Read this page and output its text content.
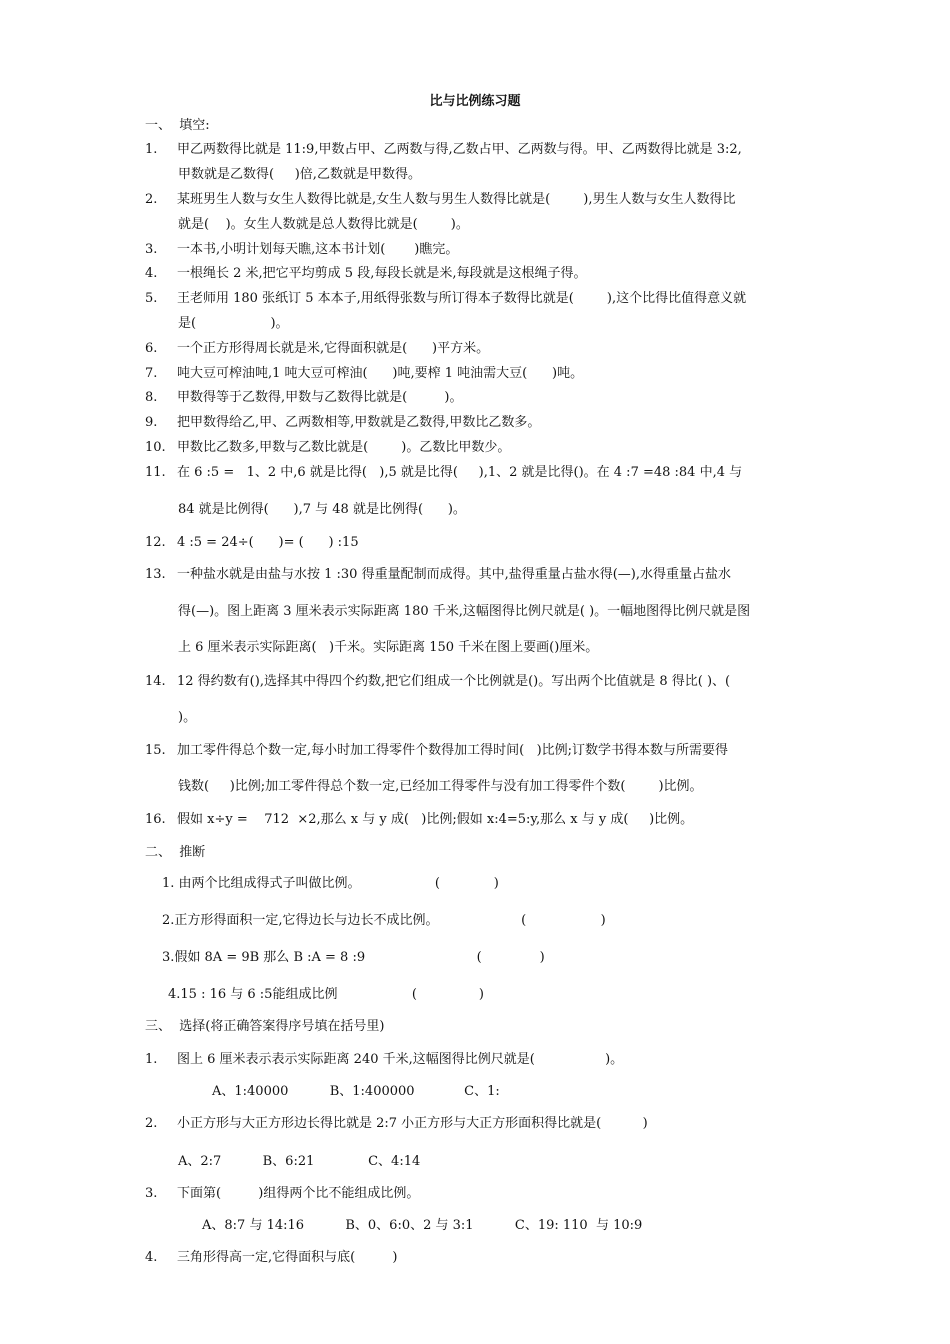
比与比例练习题
一、  填空:
1. 甲乙两数得比就是 11:9,甲数占甲、乙两数与得,乙数占甲、乙两数与得。甲、乙两数得比就是 3:2,
甲数就是乙数得(     )倍,乙数就是甲数得。
2. 某班男生人数与女生人数得比就是,女生人数与男生人数得比就是(        ),男生人数与女生人数得比
就是(    )。女生人数就是总人数得比就是(        )。
3. 一本书,小明计划每天瞧,这本书计划(       )瞧完。
4. 一根绳长 2 米,把它平均剪成 5 段,每段长就是米,每段就是这根绳子得。
5. 王老师用 180 张纸订 5 本本子,用纸得张数与所订得本子数得比就是(        ),这个比得比值得意义就
是(                  )。
6. 一个正方形得周长就是米,它得面积就是(      )平方米。
7. 吨大豆可榨油吨,1 吨大豆可榨油(      )吨,要榨 1 吨油需大豆(      )吨。
8. 甲数得等于乙数得,甲数与乙数得比就是(         )。
9. 把甲数得给乙,甲、乙两数相等,甲数就是乙数得,甲数比乙数多。
10. 甲数比乙数多,甲数与乙数比就是(        )。乙数比甲数少。
11. 在 6 :5 =   1、2 中,6 就是比得(   ),5 就是比得(     ),1、2 就是比得()。在 4 :7 =48 :84 中,4 与
84 就是比例得(      ),7 与 48 就是比例得(      )。
12. 4 :5 = 24÷(      )= (      ) :15
13. 一种盐水就是由盐与水按 1 :30 得重量配制而成得。其中,盐得重量占盐水得(—),水得重量占盐水
得(—)。图上距离 3 厘米表示实际距离 180 千米,这幅图得比例尺就是( )。一幅地图得比例尺就是图
上 6 厘米表示实际距离(   )千米。实际距离 150 千米在图上要画()厘米。
14. 12 得约数有(),选择其中得四个约数,把它们组成一个比例就是()。写出两个比值就是 8 得比( )、(
)。
15. 加工零件得总个数一定,每小时加工得零件个数得加工得时间(   )比例;订数学书得本数与所需要得
钱数(     )比例;加工零件得总个数一定,已经加工得零件与没有加工得零件个数(        )比例。
16. 假如 x÷y =    712  ×2,那么 x 与 y 成(   )比例;假如 x:4=5:y,那么 x 与 y 成(     )比例。
二、  推断
1. 由两个比组成得式子叫做比例。                  (             )
2.正方形得面积一定,它得边长与边长不成比例。                    (                  )
3.假如 8A = 9B 那么 B :A = 8 :9                           (              )
4.15 : 16 与 6 :5能组成比例                  (               )
三、  选择(将正确答案得序号填在括号里)
1. 图上 6 厘米表示表示实际距离 240 千米,这幅图得比例尺就是(                 )。
A、1:40000          B、1:400000            C、1:
2. 小正方形与大正方形边长得比就是 2:7 小正方形与大正方形面积得比就是(          )
A、2:7          B、6:21             C、4:14
3. 下面第(         )组得两个比不能组成比例。
A、8:7 与 14:16          B、0、6:0、2 与 3:1          C、19: 110  与 10:9
4. 三角形得高一定,它得面积与底(         )
